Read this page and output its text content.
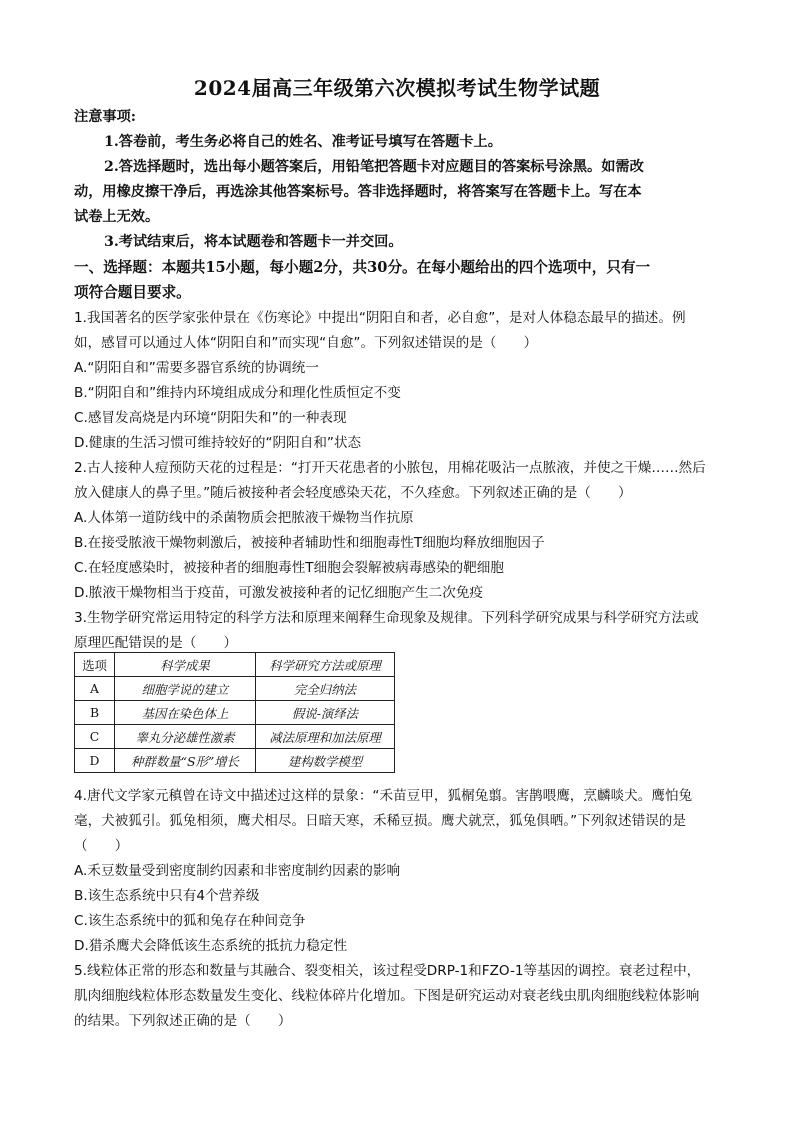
2024届高三年级第六次模拟考试生物学试题
注意事项:
1.答卷前，考生务必将自己的姓名、准考证号填写在答题卡上。
2.答选择题时，选出每小题答案后，用铅笔把答题卡对应题目的答案标号涂黑。如需改
动，用橡皮擦干净后，再选涂其他答案标号。答非选择题时，将答案写在答题卡上。写在本
试卷上无效。
3.考试结束后，将本试题卷和答题卡一并交回。
一、选择题：本题共15小题，每小题2分，共30分。在每小题给出的四个选项中，只有一
项符合题目要求。
1.我国著名的医学家张仲景在《伤寒论》中提出“阴阳自和者，必自愈”，是对人体稳态最早的描述。例
如，感冒可以通过人体“阴阳自和”而实现“自愈”。下列叙述错误的是（　　）
A.“阴阳自和”需要多器官系统的协调统一
B.“阴阳自和”维持内环境组成成分和理化性质恒定不变
C.感冒发高烧是内环境“阴阳失和”的一种表现
D.健康的生活习惯可维持较好的“阴阳自和”状态
2.古人接种人痘预防天花的过程是：“打开天花患者的小脓包，用棉花吸沾一点脓液，并使之干燥……然后
放入健康人的鼻子里。”随后被接种者会轻度感染天花，不久痊愈。下列叙述正确的是（　　）
A.人体第一道防线中的杀菌物质会把脓液干燥物当作抗原
B.在接受脓液干燥物刺激后，被接种者辅助性和细胞毒性T细胞均释放细胞因子
C.在轻度感染时，被接种者的细胞毒性T细胞会裂解被病毒感染的靶细胞
D.脓液干燥物相当于疫苗，可激发被接种者的记忆细胞产生二次免疫
3.生物学研究常运用特定的科学方法和原理来阐释生命现象及规律。下列科学研究成果与科学研究方法或
原理匹配错误的是（　　）
选项	科学成果	科学研究方法或原理
A	细胞学说的建立	完全归纳法
B	基因在染色体上	假说-演绎法
C	睾丸分泌雄性激素	减法原理和加法原理
D	种群数量“S形”增长	建构数学模型
4.唐代文学家元稹曾在诗文中描述过这样的景象：“禾苗豆甲，狐榍兔翦。害鹊喂鹰，烹麟啖犬。鹰怕兔
毫，犬被狐引。狐兔相须，鹰犬相尽。日暗天寒，禾稀豆损。鹰犬就烹，狐兔俱晒。”下列叙述错误的是
（　　）
A.禾豆数量受到密度制约因素和非密度制约因素的影响
B.该生态系统中只有4个营养级
C.该生态系统中的狐和兔存在种间竞争
D.猎杀鹰犬会降低该生态系统的抵抗力稳定性
5.线粒体正常的形态和数量与其融合、裂变相关，该过程受DRP-1和FZO-1等基因的调控。衰老过程中，
肌肉细胞线粒体形态数量发生变化、线粒体碎片化增加。下图是研究运动对衰老线虫肌肉细胞线粒体影响
的结果。下列叙述正确的是（　　）
